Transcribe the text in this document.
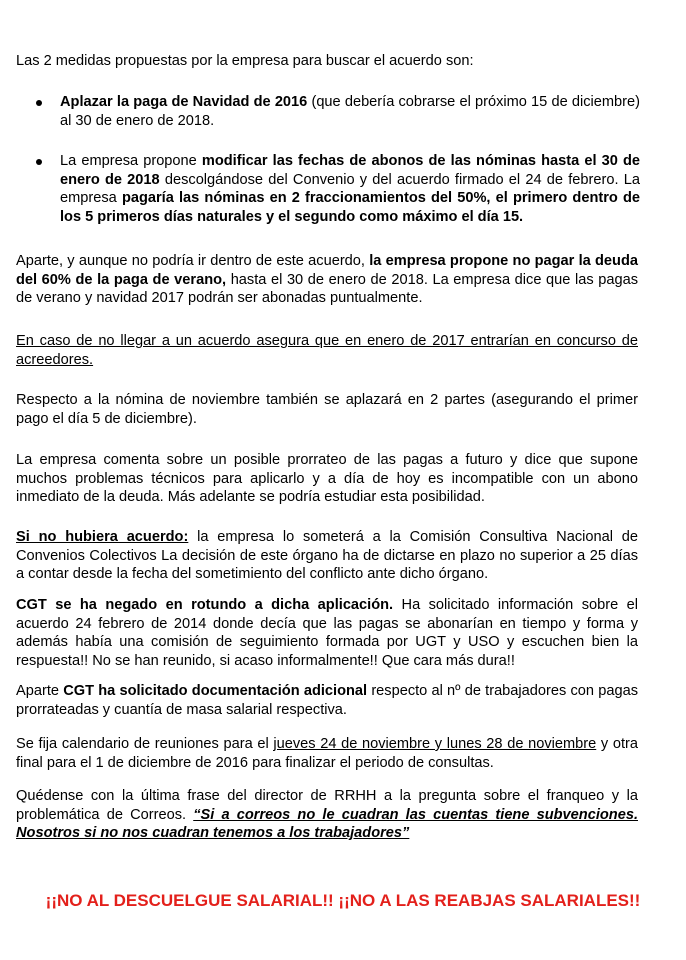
Las 2 medidas propuestas por la empresa para buscar el acuerdo son:

Aplazar la paga de Navidad de 2016 (que debería cobrarse el próximo 15 de diciembre) al 30 de enero de 2018.

La empresa propone modificar las fechas de abonos de las nóminas hasta el 30 de enero de 2018 descolgándose del Convenio y del acuerdo firmado el 24 de febrero. La empresa pagaría las nóminas en 2 fraccionamientos del 50%, el primero dentro de los 5 primeros días naturales y el segundo como máximo el día 15.

Aparte, y aunque no podría ir dentro de este acuerdo, la empresa propone no pagar la deuda del 60% de la paga de verano, hasta el 30 de enero de 2018. La empresa dice que las pagas de verano y navidad 2017 podrán ser abonadas puntualmente.

En caso de no llegar a un acuerdo asegura que en enero de 2017 entrarían en concurso de acreedores.

Respecto a la nómina de noviembre también se aplazará en 2 partes (asegurando el primer pago el día 5 de diciembre).

La empresa comenta sobre un posible prorrateo de las pagas a futuro y dice que supone muchos problemas técnicos para aplicarlo y a día de hoy es incompatible con un abono inmediato de la deuda. Más adelante se podría estudiar esta posibilidad.

Si no hubiera acuerdo: la empresa lo someterá a la Comisión Consultiva Nacional de Convenios Colectivos La decisión de este órgano ha de dictarse en plazo no superior a 25 días a contar desde la fecha del sometimiento del conflicto ante dicho órgano.

CGT se ha negado en rotundo a dicha aplicación. Ha solicitado información sobre el acuerdo 24 febrero de 2014 donde decía que las pagas se abonarían en tiempo y forma y además había una comisión de seguimiento formada por UGT y USO y escuchen bien la respuesta!! No se han reunido, si acaso informalmente!! Que cara más dura!!

Aparte CGT ha solicitado documentación adicional respecto al nº de trabajadores con pagas prorrateadas y cuantía de masa salarial respectiva.

Se fija calendario de reuniones para el jueves 24 de noviembre y lunes 28 de noviembre y otra final para el 1 de diciembre de 2016 para finalizar el periodo de consultas.

Quédense con la última frase del director de RRHH a la pregunta sobre el franqueo y la problemática de Correos. “Si a correos no le cuadran las cuentas tiene subvenciones. Nosotros si no nos cuadran tenemos a los trabajadores”

¡¡NO AL DESCUELGUE SALARIAL!! ¡¡NO A LAS REABJAS SALARIALES!!
